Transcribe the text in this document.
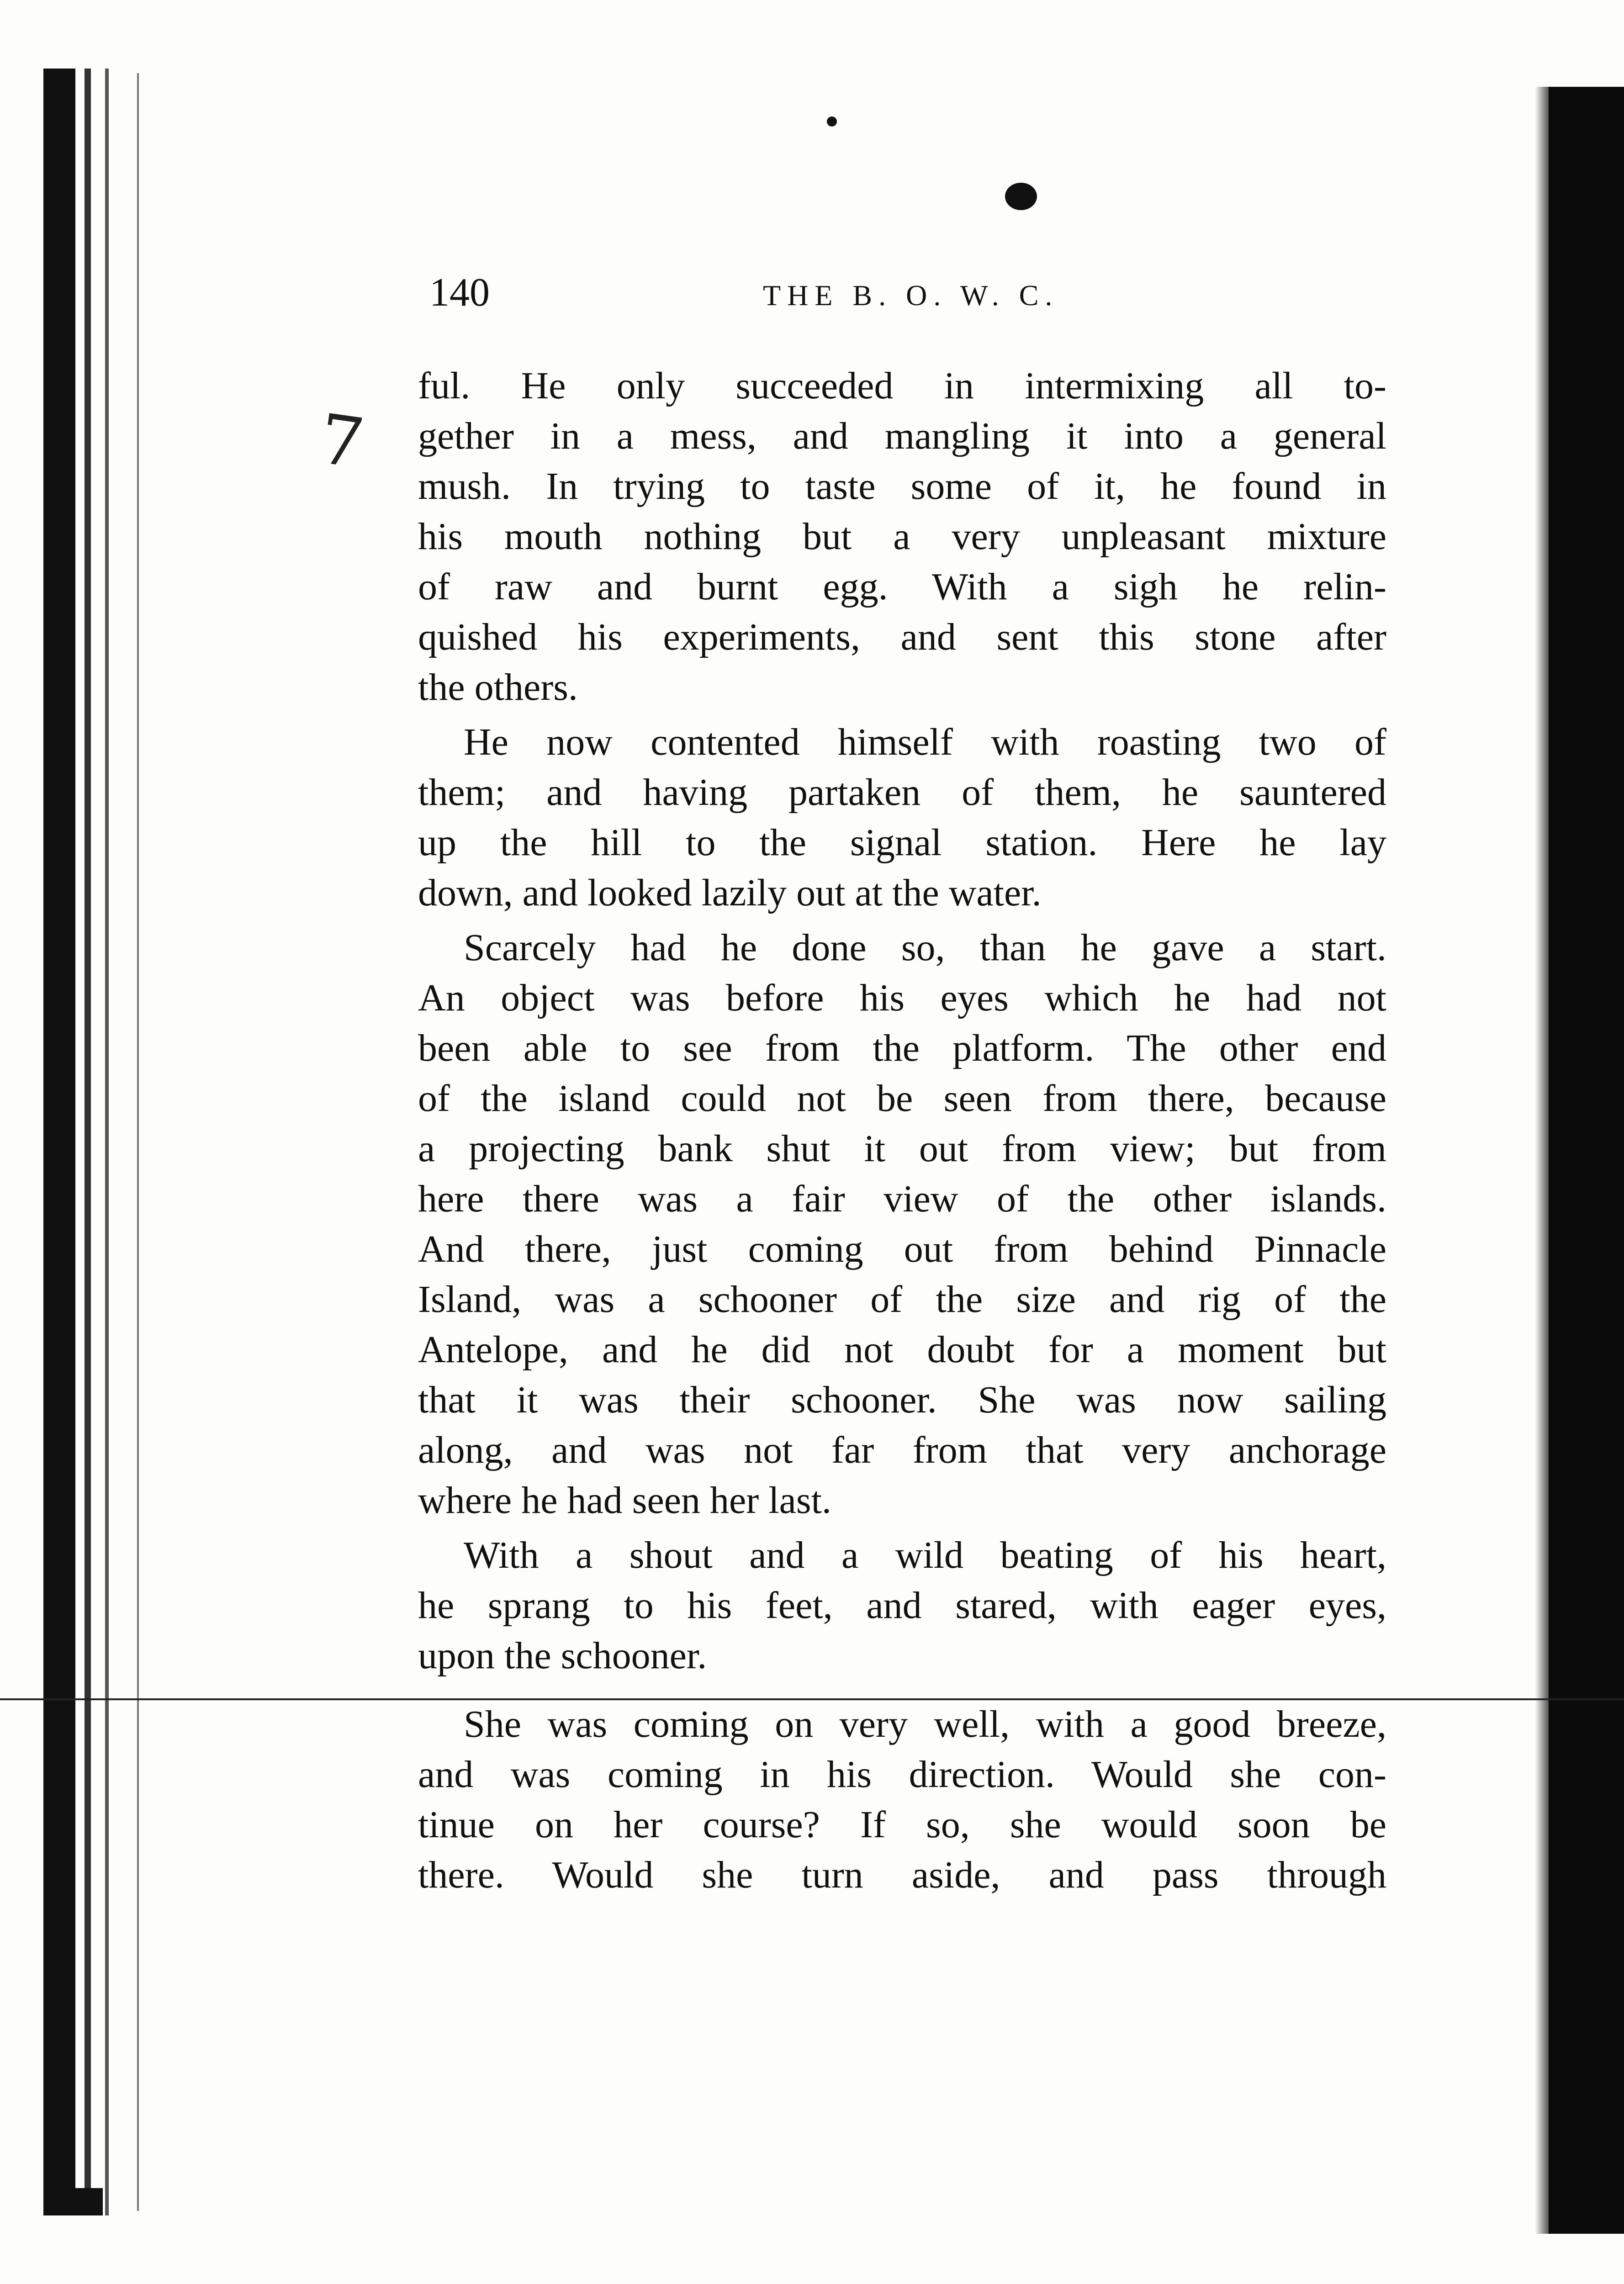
7
140	THE B. O. W. C.
ful. He only succeeded in intermixing all to-
gether in a mess, and mangling it into a general
mush. In trying to taste some of it, he found in
his mouth nothing but a very unpleasant mixture
of raw and burnt egg. With a sigh he relin-
quished his experiments, and sent this stone after
the others.
He now contented himself with roasting two of
them; and having partaken of them, he sauntered
up the hill to the signal station. Here he lay
down, and looked lazily out at the water.
Scarcely had he done so, than he gave a start.
An object was before his eyes which he had not
been able to see from the platform. The other end
of the island could not be seen from there, because
a projecting bank shut it out from view; but from
here there was a fair view of the other islands.
And there, just coming out from behind Pinnacle
Island, was a schooner of the size and rig of the
Antelope, and he did not doubt for a moment but
that it was their schooner. She was now sailing
along, and was not far from that very anchorage
where he had seen her last.
With a shout and a wild beating of his heart,
he sprang to his feet, and stared, with eager eyes,
upon the schooner.
She was coming on very well, with a good breeze,
and was coming in his direction. Would she con-
tinue on her course? If so, she would soon be
there. Would she turn aside, and pass through
